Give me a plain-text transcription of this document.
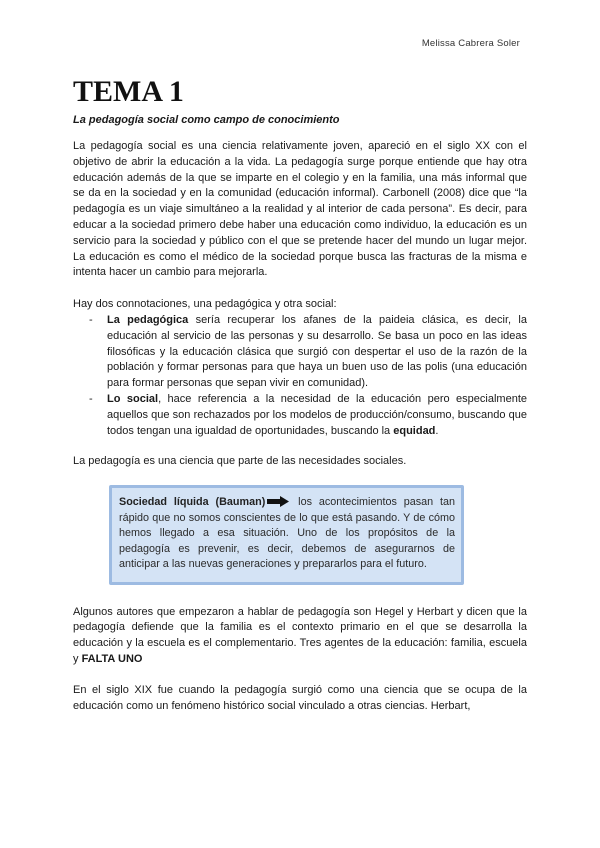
Melissa Cabrera Soler
TEMA 1
La pedagogía social como campo de conocimiento

La pedagogía social es una ciencia relativamente joven, apareció en el siglo XX con el objetivo de abrir la educación a la vida. La pedagogía surge porque entiende que hay otra educación además de la que se imparte en el colegio y en la familia, una más informal que se da en la sociedad y en la comunidad (educación informal). Carbonell (2008) dice que “la pedagogía es un viaje simultáneo a la realidad y al interior de cada persona”. Es decir, para educar a la sociedad primero debe haber una educación como individuo, la educación es un servicio para la sociedad y público con el que se pretende hacer del mundo un lugar mejor. La educación es como el médico de la sociedad porque busca las fracturas de la misma e intenta hacer un cambio para mejorarla.

Hay dos connotaciones, una pedagógica y otra social:

- La pedagógica sería recuperar los afanes de la paideia clásica, es decir, la educación al servicio de las personas y su desarrollo. Se basa un poco en las ideas filosóficas y la educación clásica que surgió con despertar el uso de la razón de la población y formar personas para que haya un buen uso de las polis (una educación para formar personas que sepan vivir en comunidad).
- Lo social, hace referencia a la necesidad de la educación pero especialmente aquellos que son rechazados por los modelos de producción/consumo, buscando que todos tengan una igualdad de oportunidades, buscando la equidad.

La pedagogía es una ciencia que parte de las necesidades sociales.

Sociedad líquida (Bauman) los acontecimientos pasan tan rápido que no somos conscientes de lo que está pasando. Y de cómo hemos llegado a esa situación. Uno de los propósitos de la pedagogía es prevenir, es decir, debemos de asegurarnos de anticipar a las nuevas generaciones y prepararlos para el futuro.

Algunos autores que empezaron a hablar de pedagogía son Hegel y Herbart y dicen que la pedagogía defiende que la familia es el contexto primario en el que se desarrolla la educación y la escuela es el complementario. Tres agentes de la educación: familia, escuela y FALTA UNO

En el siglo XIX fue cuando la pedagogía surgió como una ciencia que se ocupa de la educación como un fenómeno histórico social vinculado a otras ciencias. Herbart,
